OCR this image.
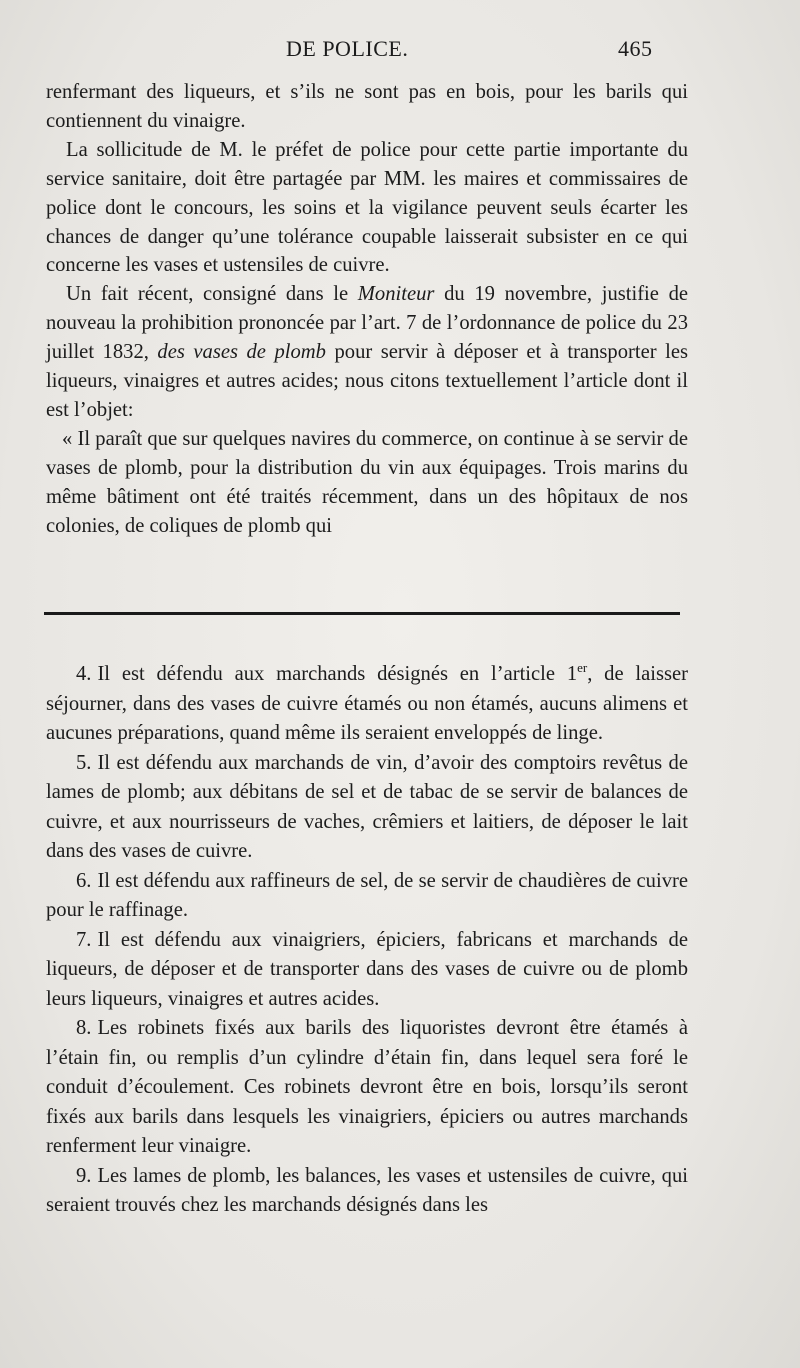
DE POLICE.	465

renfermant des liqueurs, et s’ils ne sont pas en bois, pour les barils qui contiennent du vinaigre.

La sollicitude de M. le préfet de police pour cette partie importante du service sanitaire, doit être partagée par MM. les maires et commissaires de police dont le concours, les soins et la vigilance peuvent seuls écarter les chances de danger qu’une tolérance coupable laisserait subsister en ce qui concerne les vases et ustensiles de cuivre.

Un fait récent, consigné dans le Moniteur du 19 novembre, justifie de nouveau la prohibition prononcée par l’art. 7 de l’ordonnance de police du 23 juillet 1832, des vases de plomb pour servir à déposer et à transporter les liqueurs, vinaigres et autres acides; nous citons textuellement l’article dont il est l’objet:

« Il paraît que sur quelques navires du commerce, on continue à se servir de vases de plomb, pour la distribution du vin aux équipages. Trois marins du même bâtiment ont été traités récemment, dans un des hôpitaux de nos colonies, de coliques de plomb qui

4. Il est défendu aux marchands désignés en l’article 1er, de laisser séjourner, dans des vases de cuivre étamés ou non étamés, aucuns alimens et aucunes préparations, quand même ils seraient enveloppés de linge.

5. Il est défendu aux marchands de vin, d’avoir des comptoirs revêtus de lames de plomb; aux débitans de sel et de tabac de se servir de balances de cuivre, et aux nourrisseurs de vaches, crêmiers et laitiers, de déposer le lait dans des vases de cuivre.

6. Il est défendu aux raffineurs de sel, de se servir de chaudières de cuivre pour le raffinage.

7. Il est défendu aux vinaigriers, épiciers, fabricans et marchands de liqueurs, de déposer et de transporter dans des vases de cuivre ou de plomb leurs liqueurs, vinaigres et autres acides.

8. Les robinets fixés aux barils des liquoristes devront être étamés à l’étain fin, ou remplis d’un cylindre d’étain fin, dans lequel sera foré le conduit d’écoulement. Ces robinets devront être en bois, lorsqu’ils seront fixés aux barils dans lesquels les vinaigriers, épiciers ou autres marchands renferment leur vinaigre.

9. Les lames de plomb, les balances, les vases et ustensiles de cuivre, qui seraient trouvés chez les marchands désignés dans les
